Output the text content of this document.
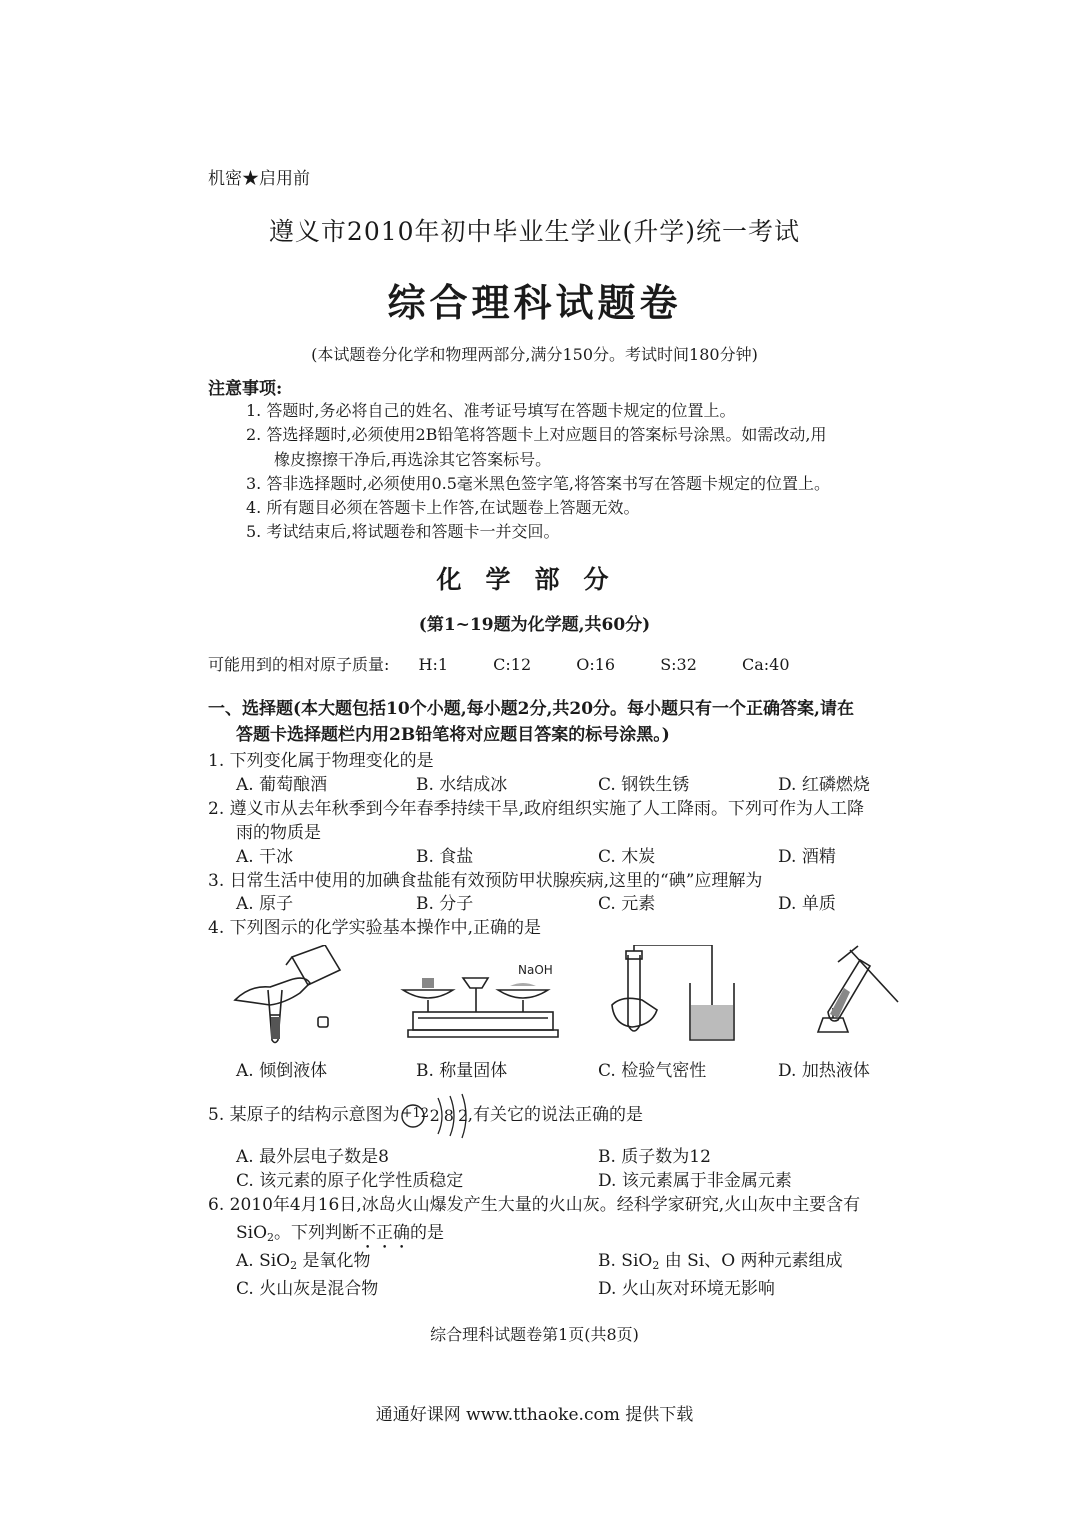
机密★启用前
遵义市2010年初中毕业生学业(升学)统一考试
综合理科试题卷
(本试题卷分化学和物理两部分,满分150分。考试时间180分钟)
注意事项:
1. 答题时,务必将自己的姓名、准考证号填写在答题卡规定的位置上。
2. 答选择题时,必须使用2B铅笔将答题卡上对应题目的答案标号涂黑。如需改动,用
橡皮擦擦干净后,再选涂其它答案标号。
3. 答非选择题时,必须使用0.5毫米黑色签字笔,将答案书写在答题卡规定的位置上。
4. 所有题目必须在答题卡上作答,在试题卷上答题无效。
5. 考试结束后,将试题卷和答题卡一并交回。
化学部分
(第1~19题为化学题,共60分)
可能用到的相对原子质量: H:1	C:12	O:16	S:32	Ca:40
一、选择题(本大题包括10个小题,每小题2分,共20分。每小题只有一个正确答案,请在
答题卡选择题栏内用2B铅笔将对应题目答案的标号涂黑。)
1. 下列变化属于物理变化的是
A. 葡萄酿酒	B. 水结成冰	C. 钢铁生锈	D. 红磷燃烧
2. 遵义市从去年秋季到今年春季持续干旱,政府组织实施了人工降雨。下列可作为人工降
雨的物质是
A. 干冰	B. 食盐	C. 木炭	D. 酒精
3. 日常生活中使用的加碘食盐能有效预防甲状腺疾病,这里的“碘”应理解为
A. 原子	B. 分子	C. 元素	D. 单质
4. 下列图示的化学实验基本操作中,正确的是
NaOH
A. 倾倒液体	B. 称量固体	C. 检验气密性	D. 加热液体
5. 某原子的结构示意图为 +12 282
,有关它的说法正确的是
A. 最外层电子数是8	B. 质子数为12
C. 该元素的原子化学性质稳定	D. 该元素属于非金属元素
6. 2010年4月16日,冰岛火山爆发产生大量的火山灰。经科学家研究,火山灰中主要含有
SiO$_2$。下列判断不正确的是
A. SiO$_2$ 是氧化物	B. SiO$_2$ 由 Si、O 两种元素组成
C. 火山灰是混合物	D. 火山灰对环境无影响
综合理科试题卷第1页(共8页)
通通好课网 www.tthaoke.com 提供下载
